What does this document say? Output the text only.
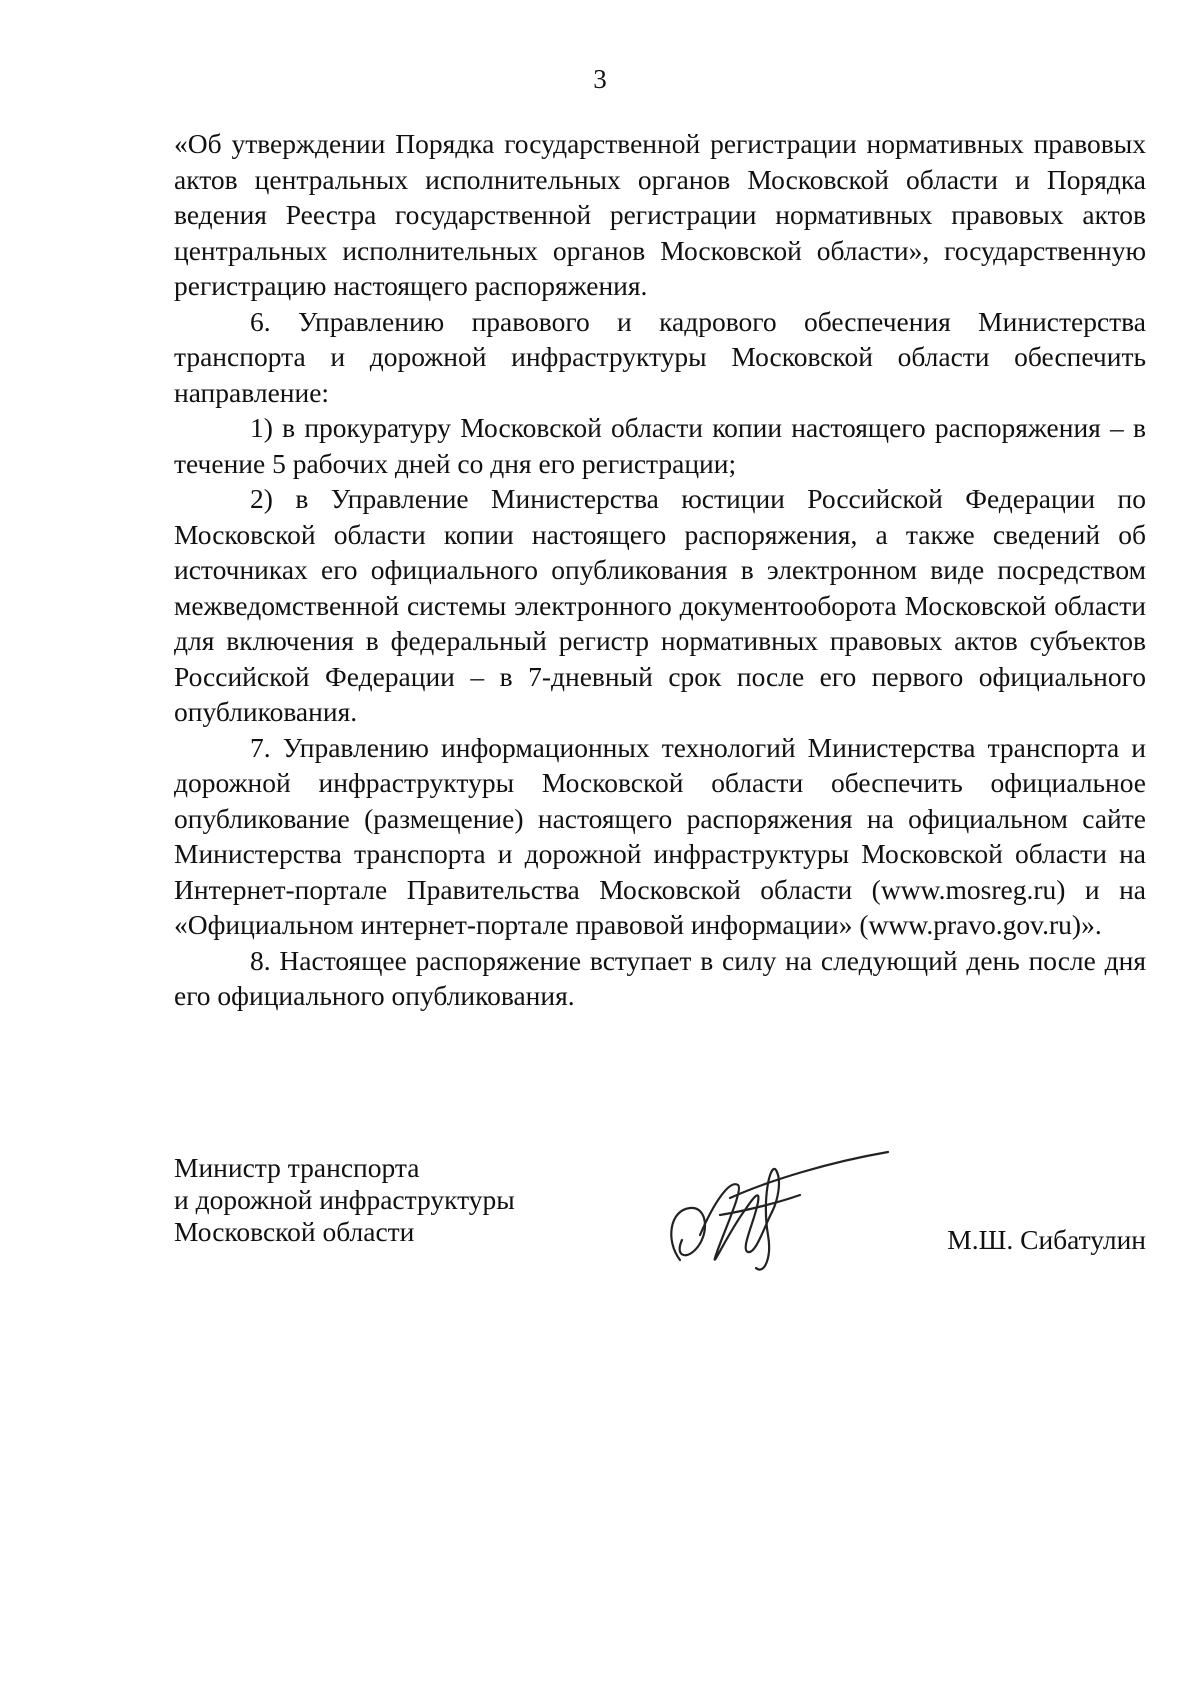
3

«Об утверждении Порядка государственной регистрации нормативных правовых актов центральных исполнительных органов Московской области и Порядка ведения Реестра государственной регистрации нормативных правовых актов центральных исполнительных органов Московской области», государственную регистрацию настоящего распоряжения.

6. Управлению правового и кадрового обеспечения Министерства транспорта и дорожной инфраструктуры Московской области обеспечить направление:

1) в прокуратуру Московской области копии настоящего распоряжения – в течение 5 рабочих дней со дня его регистрации;

2) в Управление Министерства юстиции Российской Федерации по Московской области копии настоящего распоряжения, а также сведений об источниках его официального опубликования в электронном виде посредством межведомственной системы электронного документооборота Московской области для включения в федеральный регистр нормативных правовых актов субъектов Российской Федерации – в 7-дневный срок после его первого официального опубликования.

7. Управлению информационных технологий Министерства транспорта и дорожной инфраструктуры Московской области обеспечить официальное опубликование (размещение) настоящего распоряжения на официальном сайте Министерства транспорта и дорожной инфраструктуры Московской области на Интернет-портале Правительства Московской области (www.mosreg.ru) и на «Официальном интернет-портале правовой информации» (www.pravo.gov.ru)».

8. Настоящее распоряжение вступает в силу на следующий день после дня его официального опубликования.

Министр транспорта
и дорожной инфраструктуры
Московской области	М.Ш. Сибатулин
